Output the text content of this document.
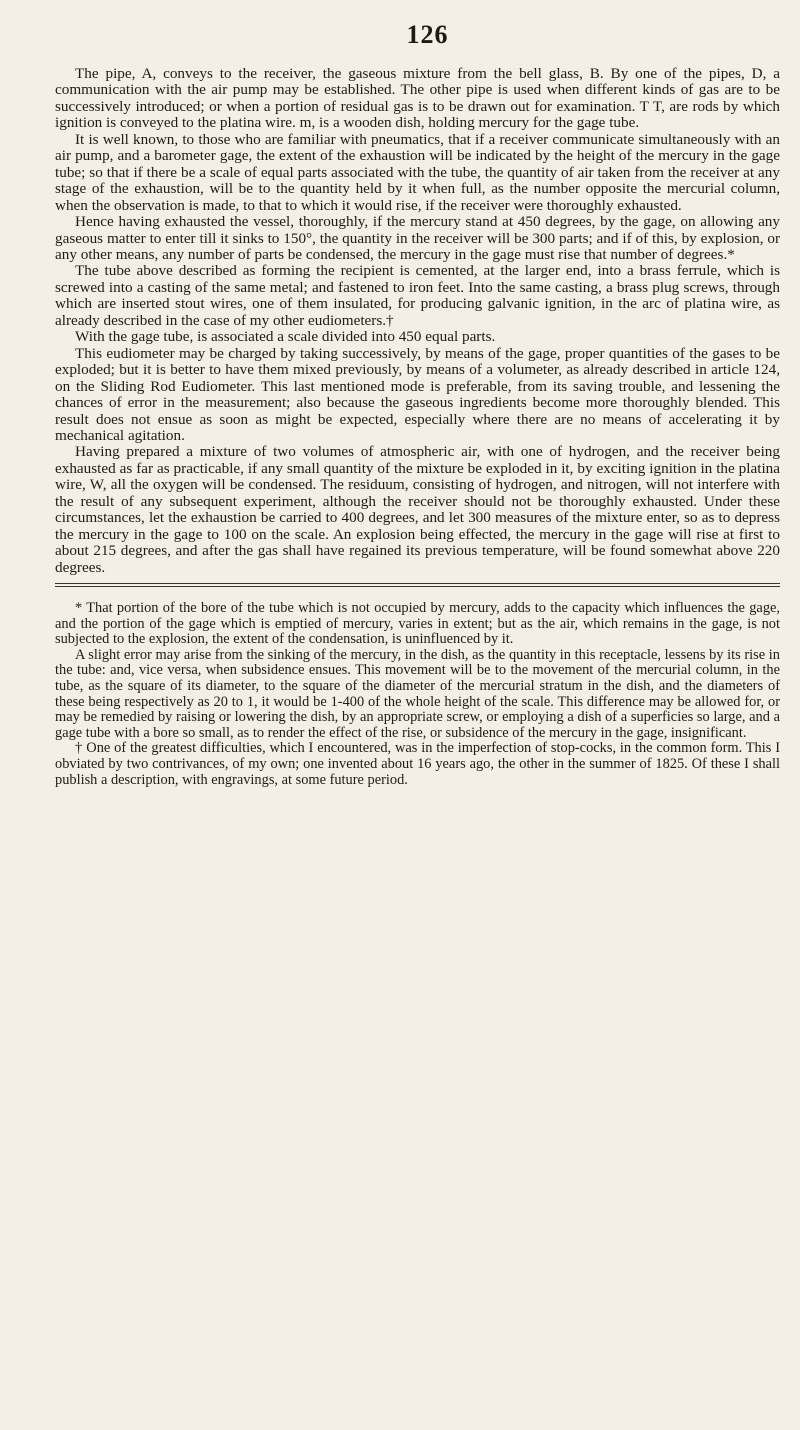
126

The pipe, A, conveys to the receiver, the gaseous mixture from the bell glass, B. By one of the pipes, D, a communication with the air pump may be established. The other pipe is used when different kinds of gas are to be successively introduced; or when a portion of residual gas is to be drawn out for examination. T T, are rods by which ignition is conveyed to the platina wire. m, is a wooden dish, holding mercury for the gage tube.

It is well known, to those who are familiar with pneumatics, that if a receiver communicate simultaneously with an air pump, and a barometer gage, the extent of the exhaustion will be indicated by the height of the mercury in the gage tube; so that if there be a scale of equal parts associated with the tube, the quantity of air taken from the receiver at any stage of the exhaustion, will be to the quantity held by it when full, as the number opposite the mercurial column, when the observation is made, to that to which it would rise, if the receiver were thoroughly exhausted.

Hence having exhausted the vessel, thoroughly, if the mercury stand at 450 degrees, by the gage, on allowing any gaseous matter to enter till it sinks to 150°, the quantity in the receiver will be 300 parts; and if of this, by explosion, or any other means, any number of parts be condensed, the mercury in the gage must rise that number of degrees.*

The tube above described as forming the recipient is cemented, at the larger end, into a brass ferrule, which is screwed into a casting of the same metal; and fastened to iron feet. Into the same casting, a brass plug screws, through which are inserted stout wires, one of them insulated, for producing galvanic ignition, in the arc of platina wire, as already described in the case of my other eudiometers.†

With the gage tube, is associated a scale divided into 450 equal parts.

This eudiometer may be charged by taking successively, by means of the gage, proper quantities of the gases to be exploded; but it is better to have them mixed previously, by means of a volumeter, as already described in article 124, on the Sliding Rod Eudiometer. This last mentioned mode is preferable, from its saving trouble, and lessening the chances of error in the measurement; also because the gaseous ingredients become more thoroughly blended. This result does not ensue as soon as might be expected, especially where there are no means of accelerating it by mechanical agitation.

Having prepared a mixture of two volumes of atmospheric air, with one of hydrogen, and the receiver being exhausted as far as practicable, if any small quantity of the mixture be exploded in it, by exciting ignition in the platina wire, W, all the oxygen will be condensed. The residuum, consisting of hydrogen, and nitrogen, will not interfere with the result of any subsequent experiment, although the receiver should not be thoroughly exhausted. Under these circumstances, let the exhaustion be carried to 400 degrees, and let 300 measures of the mixture enter, so as to depress the mercury in the gage to 100 on the scale. An explosion being effected, the mercury in the gage will rise at first to about 215 degrees, and after the gas shall have regained its previous temperature, will be found somewhat above 220 degrees.

* That portion of the bore of the tube which is not occupied by mercury, adds to the capacity which influences the gage, and the portion of the gage which is emptied of mercury, varies in extent; but as the air, which remains in the gage, is not subjected to the explosion, the extent of the condensation, is uninfluenced by it.

A slight error may arise from the sinking of the mercury, in the dish, as the quantity in this receptacle, lessens by its rise in the tube: and, vice versa, when subsidence ensues. This movement will be to the movement of the mercurial column, in the tube, as the square of its diameter, to the square of the diameter of the mercurial stratum in the dish, and the diameters of these being respectively as 20 to 1, it would be 1-400 of the whole height of the scale. This difference may be allowed for, or may be remedied by raising or lowering the dish, by an appropriate screw, or employing a dish of a superficies so large, and a gage tube with a bore so small, as to render the effect of the rise, or subsidence of the mercury in the gage, insignificant.

† One of the greatest difficulties, which I encountered, was in the imperfection of stop-cocks, in the common form. This I obviated by two contrivances, of my own; one invented about 16 years ago, the other in the summer of 1825. Of these I shall publish a description, with engravings, at some future period.
